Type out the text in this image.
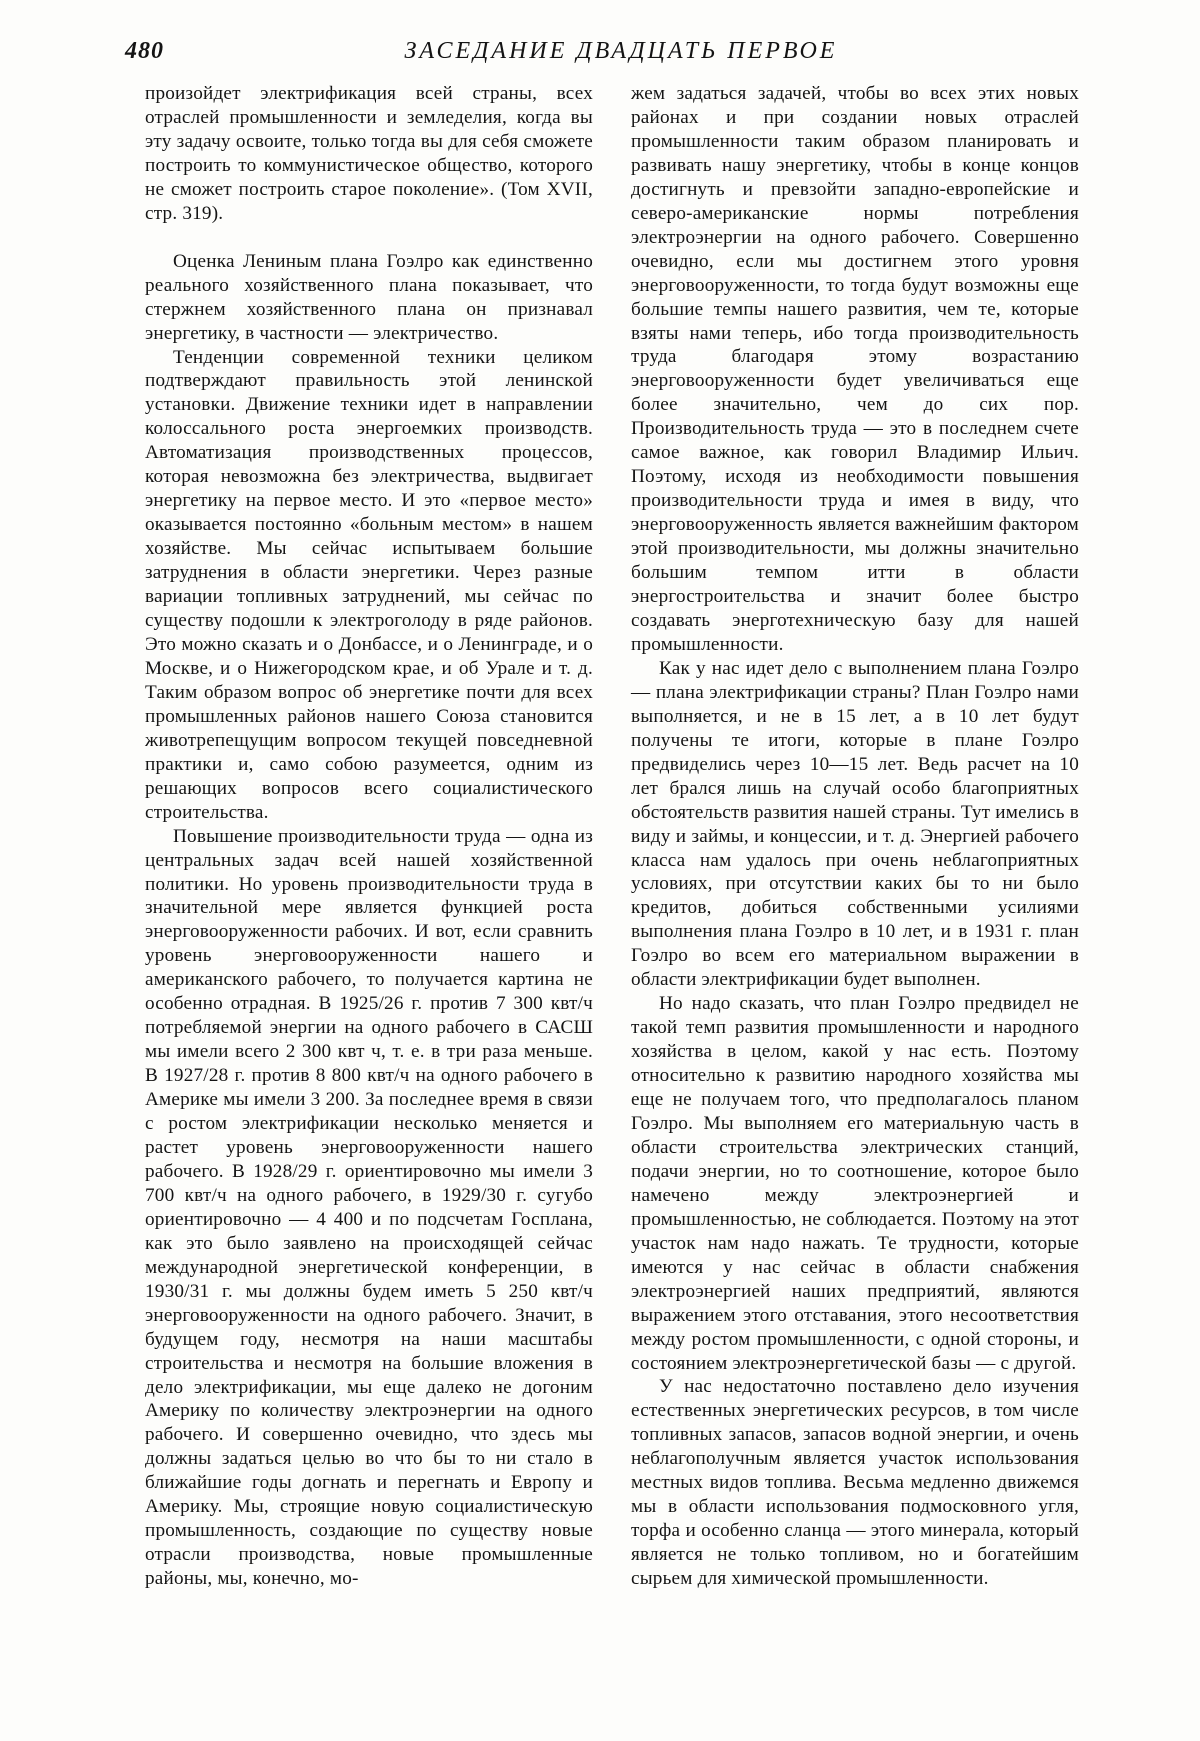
480	ЗАСЕДАНИЕ ДВАДЦАТЬ ПЕРВОЕ

произойдет электрификация всей страны, всех отраслей промышленности и земледелия, когда вы эту задачу освоите, только тогда вы для себя сможете построить то коммунистическое общество, которого не сможет построить старое поколение». (Том XVII, стр. 319).

Оценка Лениным плана Гоэлро как единственно реального хозяйственного плана показывает, что стержнем хозяйственного плана он признавал энергетику, в частности — электричество.

Тенденции современной техники целиком подтверждают правильность этой ленинской установки. Движение техники идет в направлении колоссального роста энергоемких производств. Автоматизация производственных процессов, которая невозможна без электричества, выдвигает энергетику на первое место. И это «первое место» оказывается постоянно «больным местом» в нашем хозяйстве. Мы сейчас испытываем большие затруднения в области энергетики. Через разные вариации топливных затруднений, мы сейчас по существу подошли к электроголоду в ряде районов. Это можно сказать и о Донбассе, и о Ленинграде, и о Москве, и о Нижегородском крае, и об Урале и т. д. Таким образом вопрос об энергетике почти для всех промышленных районов нашего Союза становится животрепещущим вопросом текущей повседневной практики и, само собою разумеется, одним из решающих вопросов всего социалистического строительства.

Повышение производительности труда — одна из центральных задач всей нашей хозяйственной политики. Но уровень производительности труда в значительной мере является функцией роста энерговооруженности рабочих. И вот, если сравнить уровень энерговооруженности нашего и американского рабочего, то получается картина не особенно отрадная. В 1925/26 г. против 7 300 квт/ч потребляемой энергии на одного рабочего в САСШ мы имели всего 2 300 квт ч, т. е. в три раза меньше. В 1927/28 г. против 8 800 квт/ч на одного рабочего в Америке мы имели 3 200. За последнее время в связи с ростом электрификации несколько меняется и растет уровень энерговооруженности нашего рабочего. В 1928/29 г. ориентировочно мы имели 3 700 квт/ч на одного рабочего, в 1929/30 г. сугубо ориентировочно — 4 400 и по подсчетам Госплана, как это было заявлено на происходящей сейчас международной энергетической конференции, в 1930/31 г. мы должны будем иметь 5 250 квт/ч энерговооруженности на одного рабочего. Значит, в будущем году, несмотря на наши масштабы строительства и несмотря на большие вложения в дело электрификации, мы еще далеко не догоним Америку по количеству электроэнергии на одного рабочего. И совершенно очевидно, что здесь мы должны задаться целью во что бы то ни стало в ближайшие годы догнать и перегнать и Европу и Америку. Мы, строящие новую социалистическую промышленность, создающие по существу новые отрасли производства, новые промышленные районы, мы, конечно, мо-

жем задаться задачей, чтобы во всех этих новых районах и при создании новых отраслей промышленности таким образом планировать и развивать нашу энергетику, чтобы в конце концов достигнуть и превзойти западно-европейские и северо-американские нормы потребления электроэнергии на одного рабочего. Совершенно очевидно, если мы достигнем этого уровня энерговооруженности, то тогда будут возможны еще большие темпы нашего развития, чем те, которые взяты нами теперь, ибо тогда производительность труда благодаря этому возрастанию энерговооруженности будет увеличиваться еще более значительно, чем до сих пор. Производительность труда — это в последнем счете самое важное, как говорил Владимир Ильич. Поэтому, исходя из необходимости повышения производительности труда и имея в виду, что энерговооруженность является важнейшим фактором этой производительности, мы должны значительно большим темпом итти в области энергостроительства и значит более быстро создавать энерготехническую базу для нашей промышленности.

Как у нас идет дело с выполнением плана Гоэлро — плана электрификации страны? План Гоэлро нами выполняется, и не в 15 лет, а в 10 лет будут получены те итоги, которые в плане Гоэлро предвиделись через 10—15 лет. Ведь расчет на 10 лет брался лишь на случай особо благоприятных обстоятельств развития нашей страны. Тут имелись в виду и займы, и концессии, и т. д. Энергией рабочего класса нам удалось при очень неблагоприятных условиях, при отсутствии каких бы то ни было кредитов, добиться собственными усилиями выполнения плана Гоэлро в 10 лет, и в 1931 г. план Гоэлро во всем его материальном выражении в области электрификации будет выполнен.

Но надо сказать, что план Гоэлро предвидел не такой темп развития промышленности и народного хозяйства в целом, какой у нас есть. Поэтому относительно к развитию народного хозяйства мы еще не получаем того, что предполагалось планом Гоэлро. Мы выполняем его материальную часть в области строительства электрических станций, подачи энергии, но то соотношение, которое было намечено между электроэнергией и промышленностью, не соблюдается. Поэтому на этот участок нам надо нажать. Те трудности, которые имеются у нас сейчас в области снабжения электроэнергией наших предприятий, являются выражением этого отставания, этого несоответствия между ростом промышленности, с одной стороны, и состоянием электроэнергетической базы — с другой.

У нас недостаточно поставлено дело изучения естественных энергетических ресурсов, в том числе топливных запасов, запасов водной энергии, и очень неблагополучным является участок использования местных видов топлива. Весьма медленно движемся мы в области использования подмосковного угля, торфа и особенно сланца — этого минерала, который является не только топливом, но и богатейшим сырьем для химической промышленности.
